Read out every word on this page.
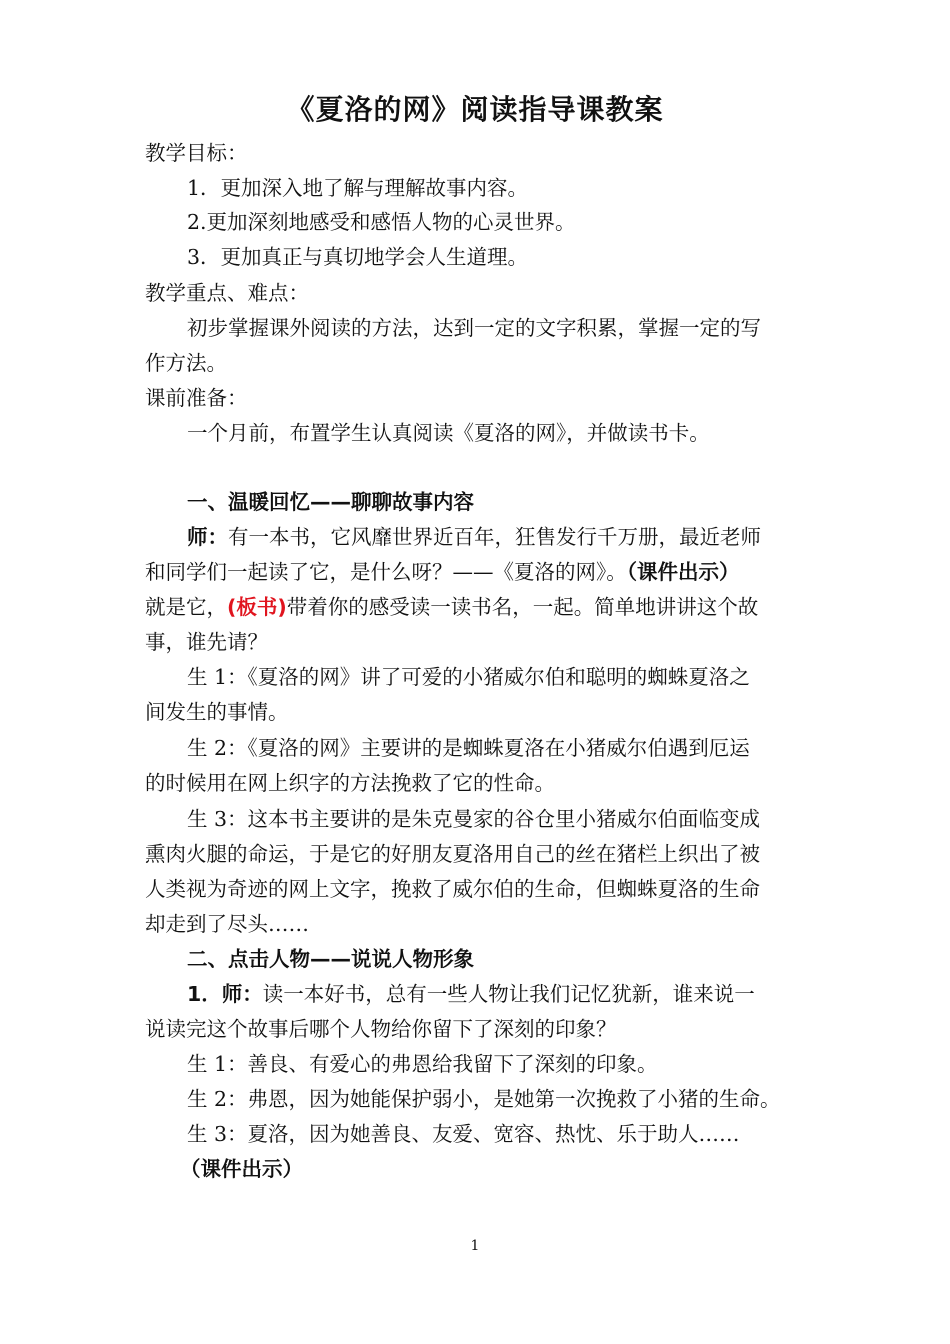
《夏洛的网》阅读指导课教案
教学目标：
1．更加深入地了解与理解故事内容。
2.更加深刻地感受和感悟人物的心灵世界。
3．更加真正与真切地学会人生道理。
教学重点、难点：
初步掌握课外阅读的方法，达到一定的文字积累，掌握一定的写
作方法。
课前准备：
一个月前，布置学生认真阅读《夏洛的网》，并做读书卡。
一、温暖回忆——聊聊故事内容
师：有一本书，它风靡世界近百年，狂售发行千万册，最近老师
和同学们一起读了它，是什么呀？——《夏洛的网》。（课件出示）
就是它，(板书)带着你的感受读一读书名，一起。简单地讲讲这个故
事，谁先请？
生 1：《夏洛的网》讲了可爱的小猪威尔伯和聪明的蜘蛛夏洛之
间发生的事情。
生 2：《夏洛的网》主要讲的是蜘蛛夏洛在小猪威尔伯遇到厄运
的时候用在网上织字的方法挽救了它的性命。
生 3：这本书主要讲的是朱克曼家的谷仓里小猪威尔伯面临变成
熏肉火腿的命运，于是它的好朋友夏洛用自己的丝在猪栏上织出了被
人类视为奇迹的网上文字，挽救了威尔伯的生命，但蜘蛛夏洛的生命
却走到了尽头……
二、点击人物——说说人物形象
1．师：读一本好书，总有一些人物让我们记忆犹新，谁来说一
说读完这个故事后哪个人物给你留下了深刻的印象？
生 1：善良、有爱心的弗恩给我留下了深刻的印象。
生 2：弗恩，因为她能保护弱小，是她第一次挽救了小猪的生命。
生 3：夏洛，因为她善良、友爱、宽容、热忱、乐于助人……
（课件出示）
1
